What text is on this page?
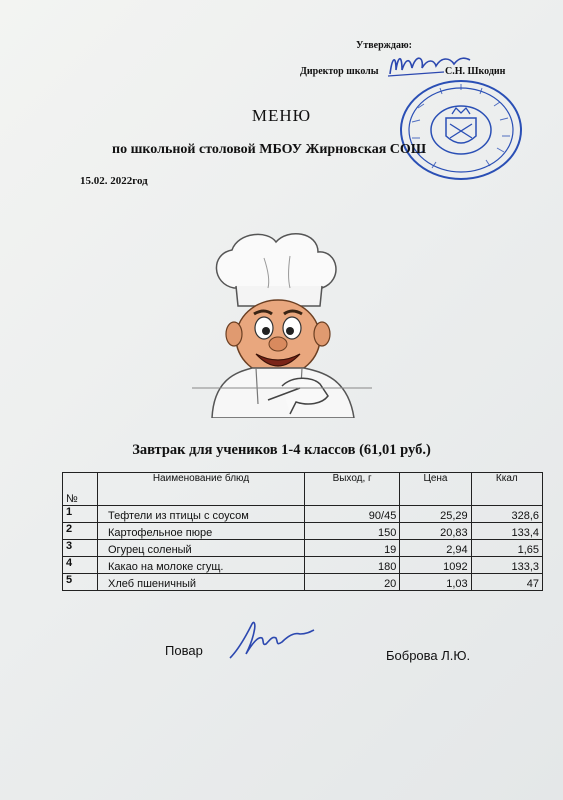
Утверждаю:
Директор школы	С.Н. Шкодин
МЕНЮ
по школьной столовой МБОУ Жирновская СОШ
15.02. 2022год
Завтрак для учеников 1-4 классов (61,01 руб.)
№	Наименование блюд	Выход, г	Цена	Ккал
1	Тефтели из птицы с соусом	90/45	25,29	328,6
2	Картофельное пюре	150	20,83	133,4
3	Огурец соленый	19	2,94	1,65
4	Какао на молоке сгущ.	180	1092	133,3
5	Хлеб пшеничный	20	1,03	47
Повар	Боброва Л.Ю.
